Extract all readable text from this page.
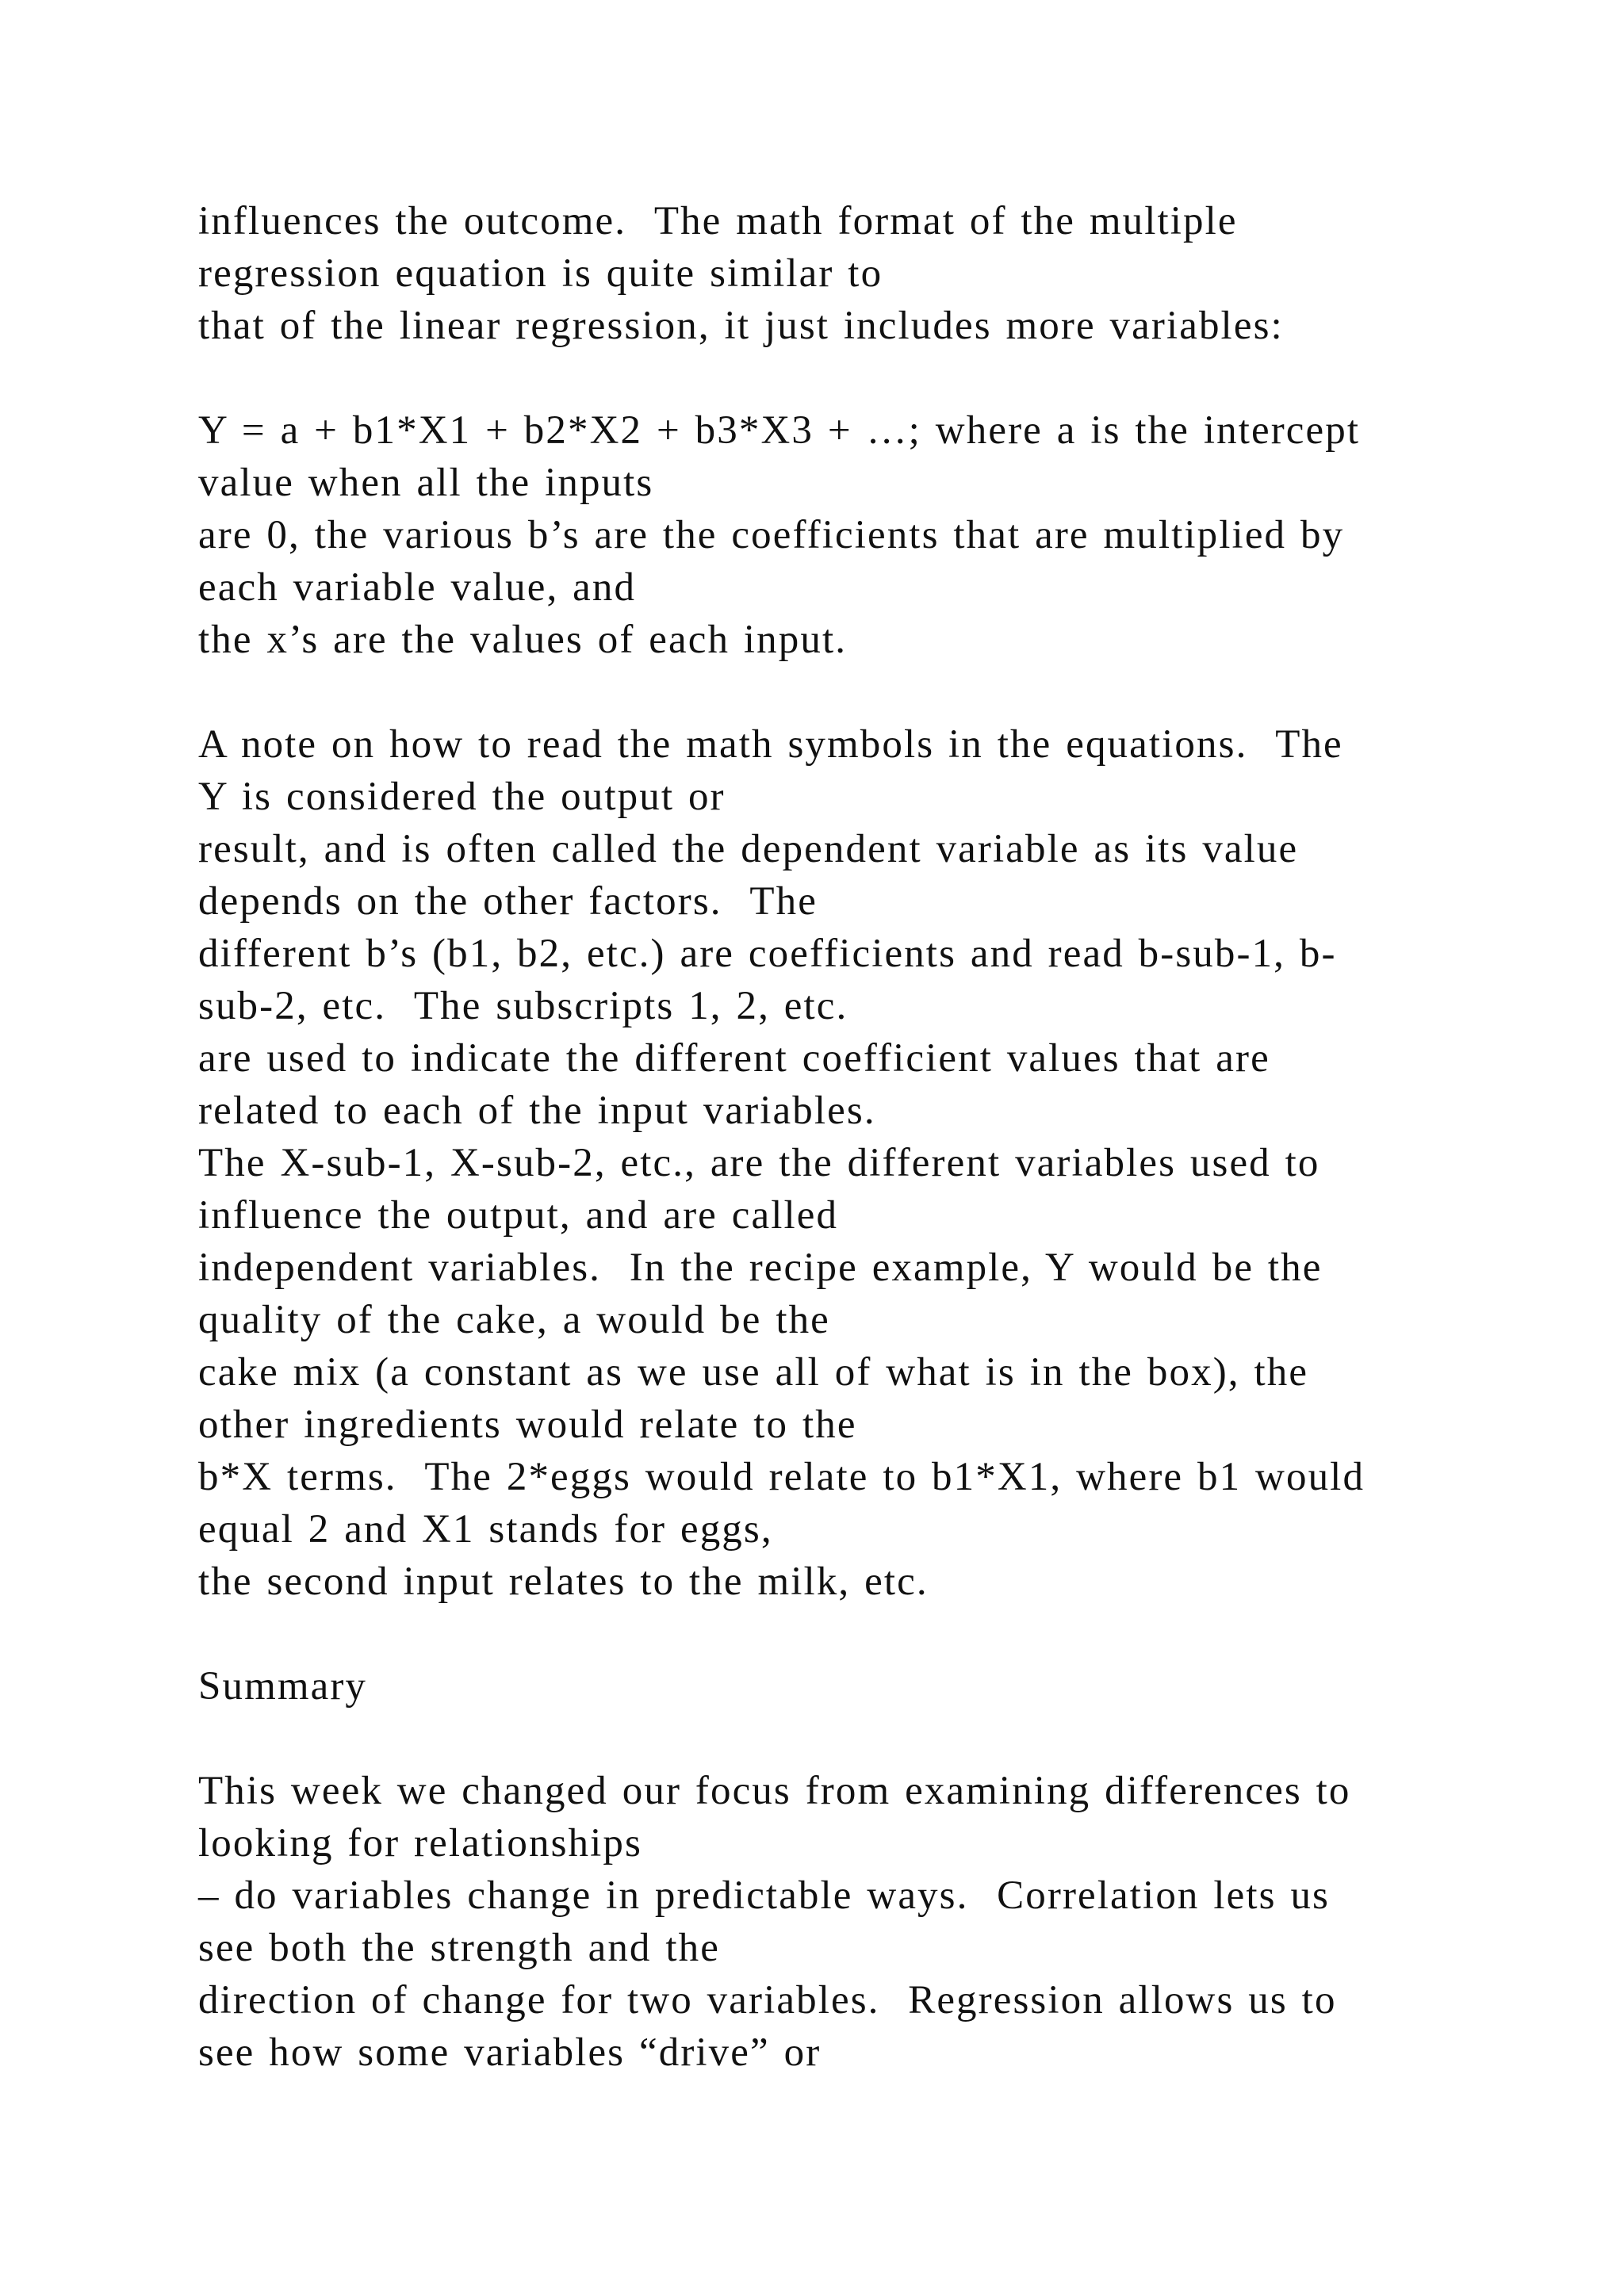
influences the outcome.  The math format of the multiple
regression equation is quite similar to
that of the linear regression, it just includes more variables:
Y = a + b1*X1 + b2*X2 + b3*X3 + …; where a is the intercept
value when all the inputs
are 0, the various b’s are the coefficients that are multiplied by
each variable value, and
the x’s are the values of each input.
A note on how to read the math symbols in the equations.  The
Y is considered the output or
result, and is often called the dependent variable as its value
depends on the other factors.  The
different b’s (b1, b2, etc.) are coefficients and read b-sub-1, b-
sub-2, etc.  The subscripts 1, 2, etc.
are used to indicate the different coefficient values that are
related to each of the input variables.
The X-sub-1, X-sub-2, etc., are the different variables used to
influence the output, and are called
independent variables.  In the recipe example, Y would be the
quality of the cake, a would be the
cake mix (a constant as we use all of what is in the box), the
other ingredients would relate to the
b*X terms.  The 2*eggs would relate to b1*X1, where b1 would
equal 2 and X1 stands for eggs,
the second input relates to the milk, etc.
Summary
This week we changed our focus from examining differences to
looking for relationships
– do variables change in predictable ways.  Correlation lets us
see both the strength and the
direction of change for two variables.  Regression allows us to
see how some variables “drive” or
